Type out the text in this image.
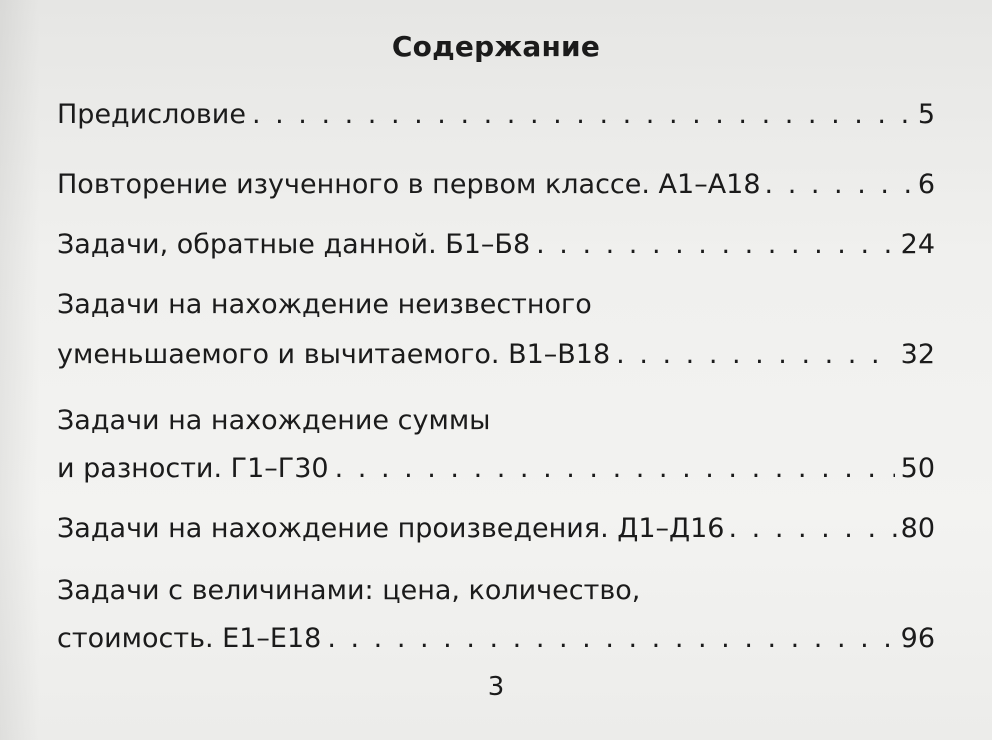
Содержание
Предисловие . . .	5
Повторение изученного в первом классе. А1–А18 . . .	6
Задачи, обратные данной. Б1–Б8 . . .	24
Задачи на нахождение неизвестного
уменьшаемого и вычитаемого. В1–В18 . . .	32
Задачи на нахождение суммы
и разности. Г1–Г30 . . .	50
Задачи на нахождение произведения. Д1–Д16 . . .	80
Задачи с величинами: цена, количество,
стоимость. Е1–Е18 . . .	96
3
